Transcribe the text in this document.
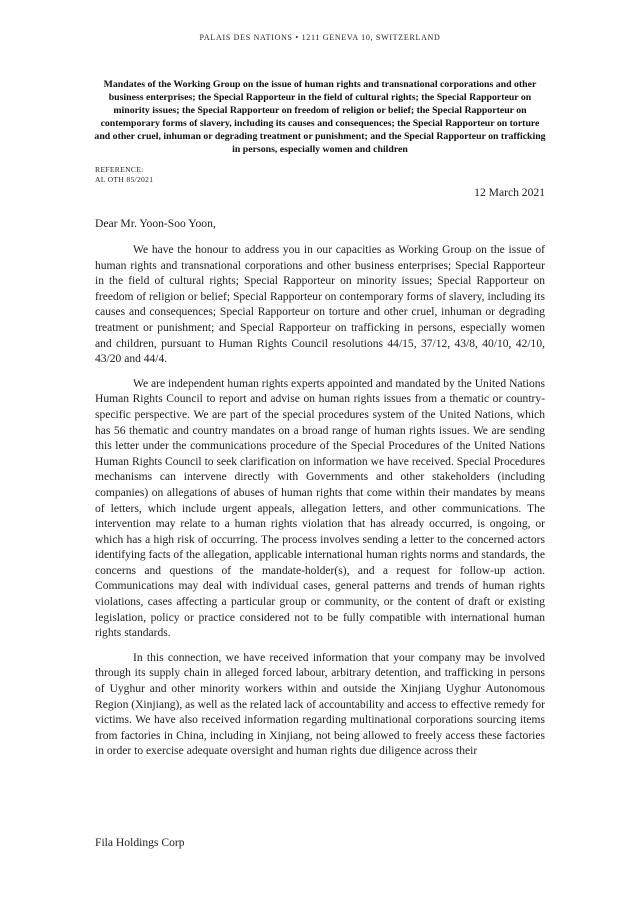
PALAIS DES NATIONS • 1211 GENEVA 10, SWITZERLAND
Mandates of the Working Group on the issue of human rights and transnational corporations and other business enterprises; the Special Rapporteur in the field of cultural rights; the Special Rapporteur on minority issues; the Special Rapporteur on freedom of religion or belief; the Special Rapporteur on contemporary forms of slavery, including its causes and consequences; the Special Rapporteur on torture and other cruel, inhuman or degrading treatment or punishment; and the Special Rapporteur on trafficking in persons, especially women and children
REFERENCE:
AL OTH 85/2021
12 March 2021
Dear Mr. Yoon-Soo Yoon,

We have the honour to address you in our capacities as Working Group on the issue of human rights and transnational corporations and other business enterprises; Special Rapporteur in the field of cultural rights; Special Rapporteur on minority issues; Special Rapporteur on freedom of religion or belief; Special Rapporteur on contemporary forms of slavery, including its causes and consequences; Special Rapporteur on torture and other cruel, inhuman or degrading treatment or punishment; and Special Rapporteur on trafficking in persons, especially women and children, pursuant to Human Rights Council resolutions 44/15, 37/12, 43/8, 40/10, 42/10, 43/20 and 44/4.

We are independent human rights experts appointed and mandated by the United Nations Human Rights Council to report and advise on human rights issues from a thematic or country-specific perspective. We are part of the special procedures system of the United Nations, which has 56 thematic and country mandates on a broad range of human rights issues. We are sending this letter under the communications procedure of the Special Procedures of the United Nations Human Rights Council to seek clarification on information we have received. Special Procedures mechanisms can intervene directly with Governments and other stakeholders (including companies) on allegations of abuses of human rights that come within their mandates by means of letters, which include urgent appeals, allegation letters, and other communications. The intervention may relate to a human rights violation that has already occurred, is ongoing, or which has a high risk of occurring. The process involves sending a letter to the concerned actors identifying facts of the allegation, applicable international human rights norms and standards, the concerns and questions of the mandate-holder(s), and a request for follow-up action. Communications may deal with individual cases, general patterns and trends of human rights violations, cases affecting a particular group or community, or the content of draft or existing legislation, policy or practice considered not to be fully compatible with international human rights standards.

In this connection, we have received information that your company may be involved through its supply chain in alleged forced labour, arbitrary detention, and trafficking in persons of Uyghur and other minority workers within and outside the Xinjiang Uyghur Autonomous Region (Xinjiang), as well as the related lack of accountability and access to effective remedy for victims. We have also received information regarding multinational corporations sourcing items from factories in China, including in Xinjiang, not being allowed to freely access these factories in order to exercise adequate oversight and human rights due diligence across their

Fila Holdings Corp
